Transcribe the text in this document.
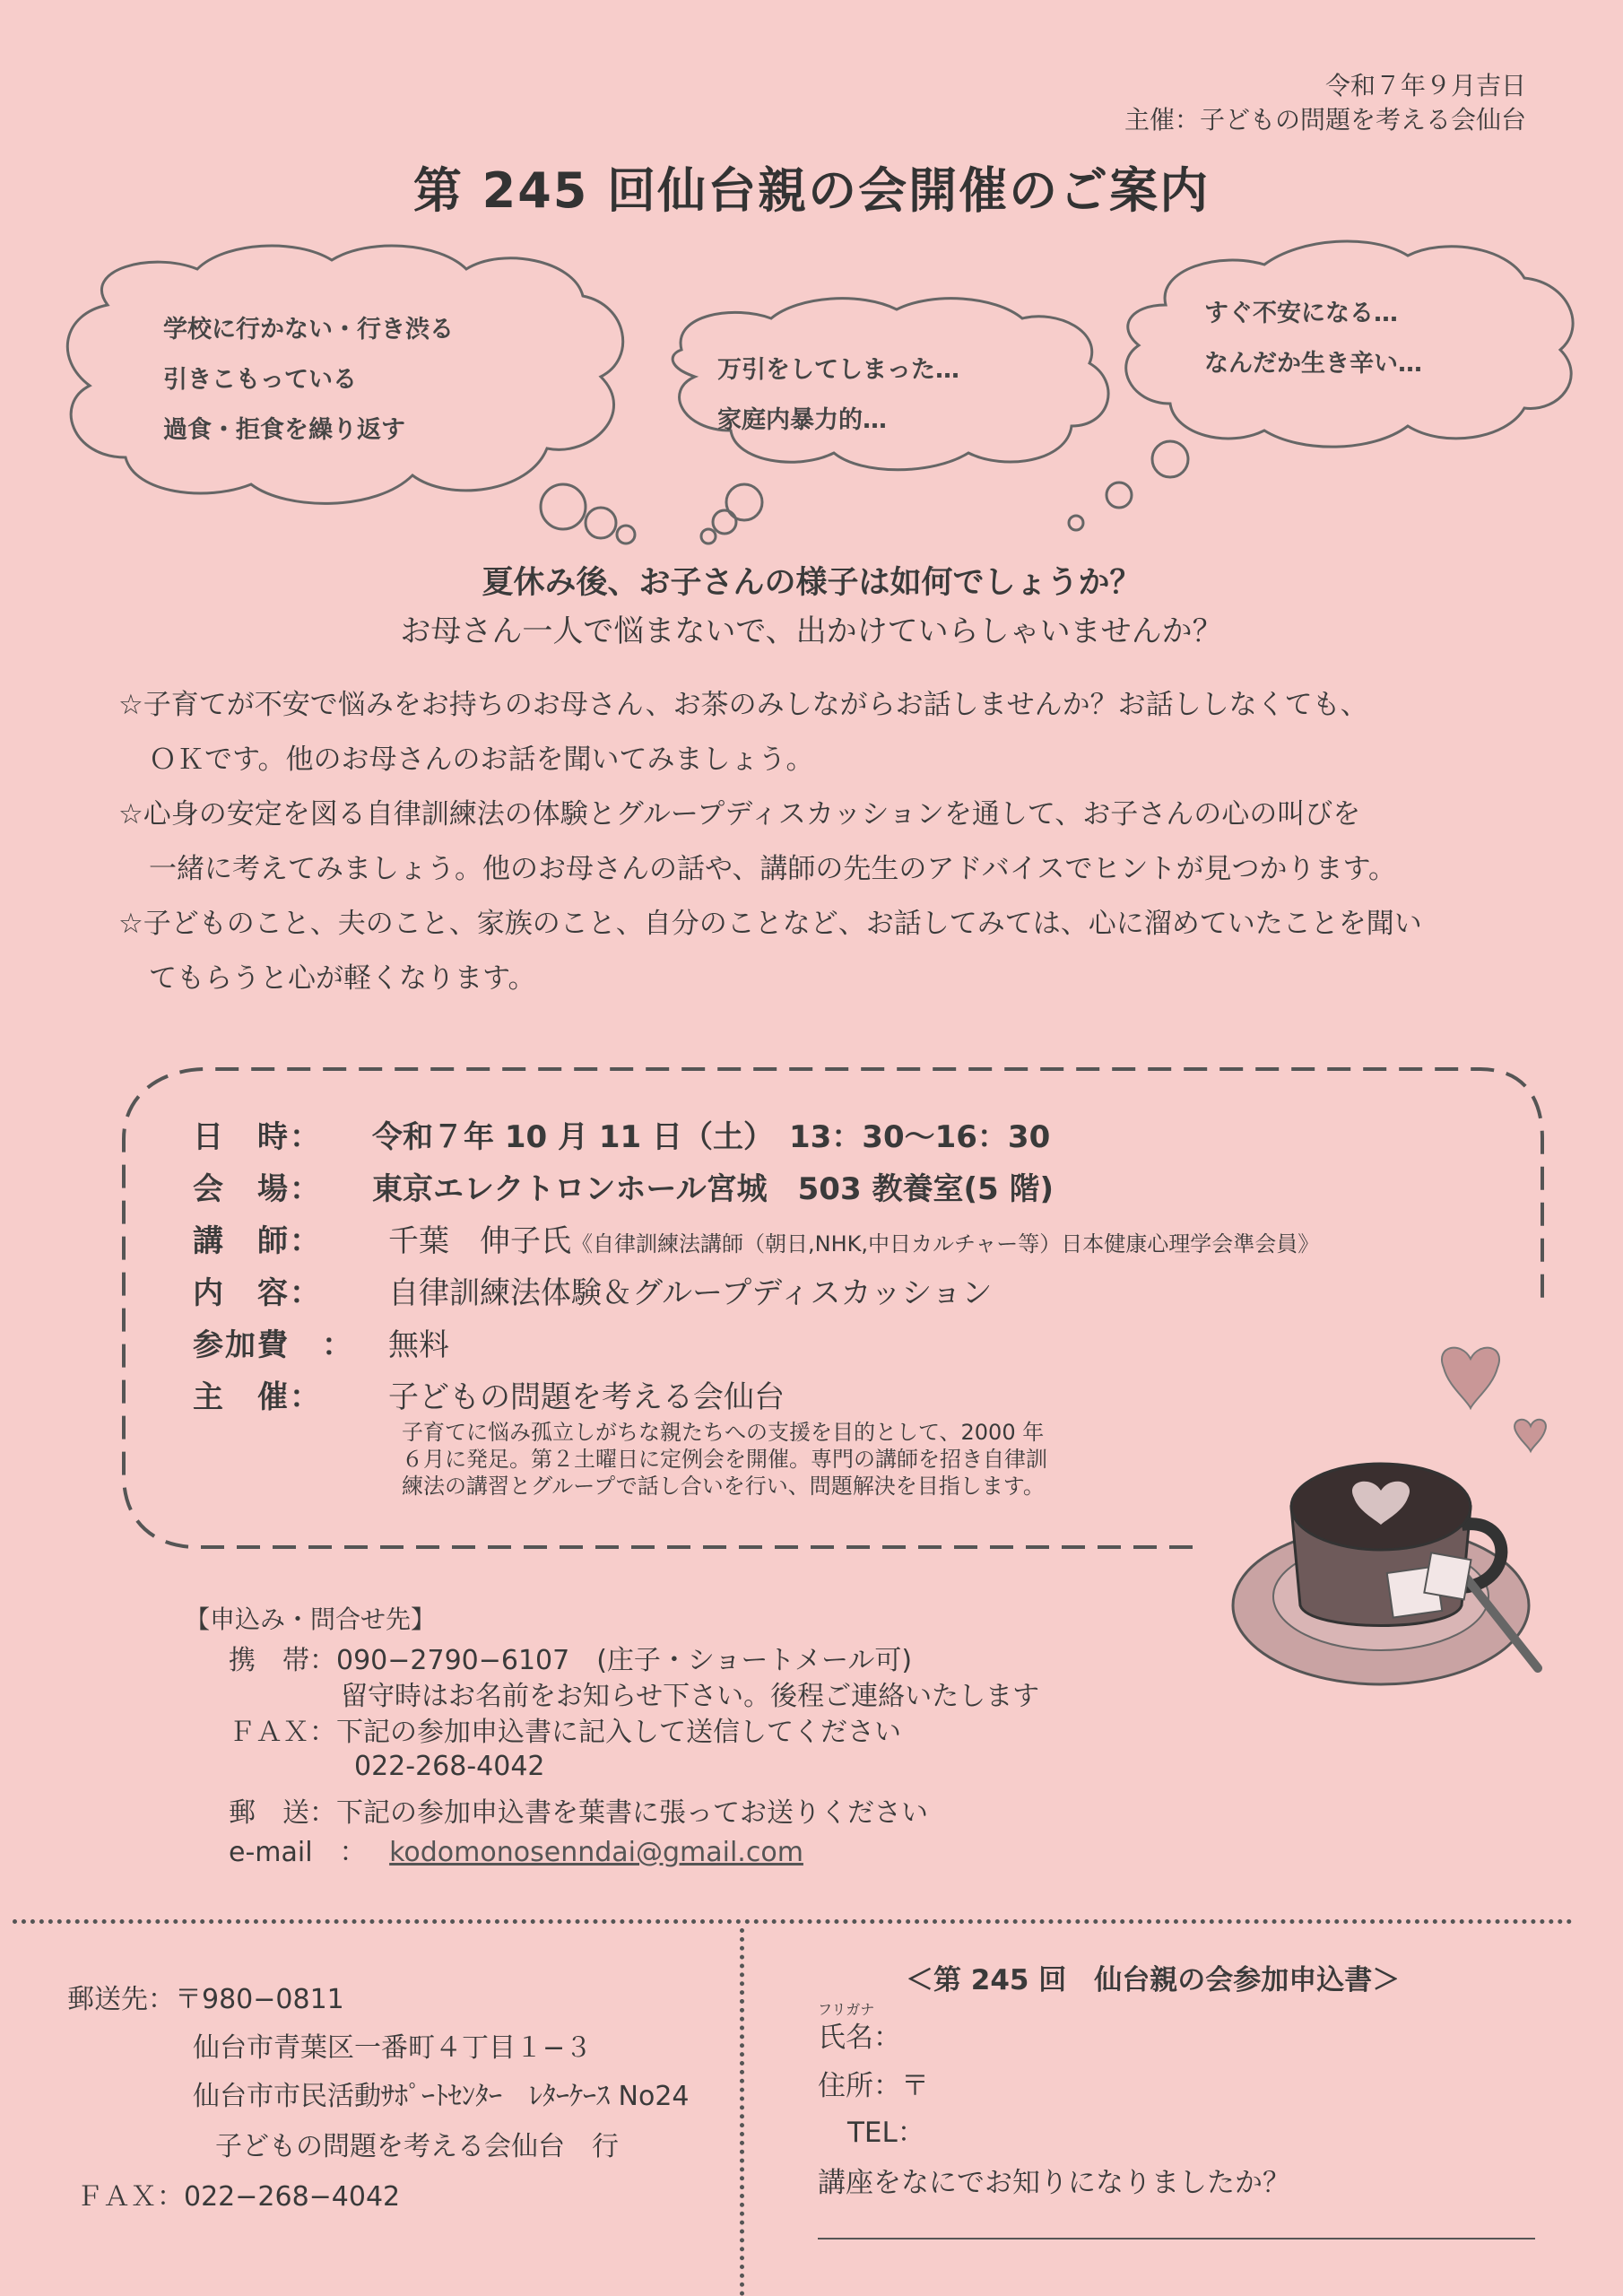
令和７年９月吉日
主催：子どもの問題を考える会仙台
第 245 回仙台親の会開催のご案内
学校に行かない・行き渋る
引きこもっている
過食・拒食を繰り返す
万引をしてしまった…
家庭内暴力的…
すぐ不安になる…
なんだか生き辛い…
夏休み後、お子さんの様子は如何でしょうか？
お母さん一人で悩まないで、出かけていらしゃいませんか？

☆子育てが不安で悩みをお持ちのお母さん、お茶のみしながらお話しませんか？お話ししなくても、

ＯＫです。他のお母さんのお話を聞いてみましょう。

☆心身の安定を図る自律訓練法の体験とグループディスカッションを通して、お子さんの心の叫びを

一緒に考えてみましょう。他のお母さんの話や、講師の先生のアドバイスでヒントが見つかります。

☆子どものこと、夫のこと、家族のこと、自分のことなど、お話してみては、心に溜めていたことを聞い

てもらうと心が軽くなります。

日　時：	令和７年 10 月 11 日（土）　13：30～16：30
会　場：	東京エレクトロンホール宮城　503 教養室(5 階)
講　師：	千葉　伸子氏 《自律訓練法講師（朝日,NHK,中日カルチャー等）日本健康心理学会準会員》
内　容：	自律訓練法体験＆グループディスカッション
参加費　：	無料
主　催：	子どもの問題を考える会仙台
子育てに悩み孤立しがちな親たちへの支援を目的として、2000 年
６月に発足。第２土曜日に定例会を開催。専門の講師を招き自律訓
練法の講習とグループで話し合いを行い、問題解決を目指します。
【申込み・問合せ先】
携　帯：090−2790−6107　(庄子・ショートメール可)
留守時はお名前をお知らせ下さい。後程ご連絡いたします
ＦＡＸ：下記の参加申込書に記入して送信してください
022-268-4042
郵　送：下記の参加申込書を葉書に張ってお送りください
e-mail　： kodomonosenndai@gmail.com
郵送先：〒980−0811
仙台市青葉区一番町４丁目１−３
仙台市市民活動ｻﾎﾟｰﾄｾﾝﾀｰ　ﾚﾀｰｹｰｽ No24
子どもの問題を考える会仙台　行
ＦＡＸ：022−268−4042
＜第 245 回　仙台親の会参加申込書＞
フリガナ
氏名：
住所：〒
TEL：
講座をなにでお知りになりましたか？
